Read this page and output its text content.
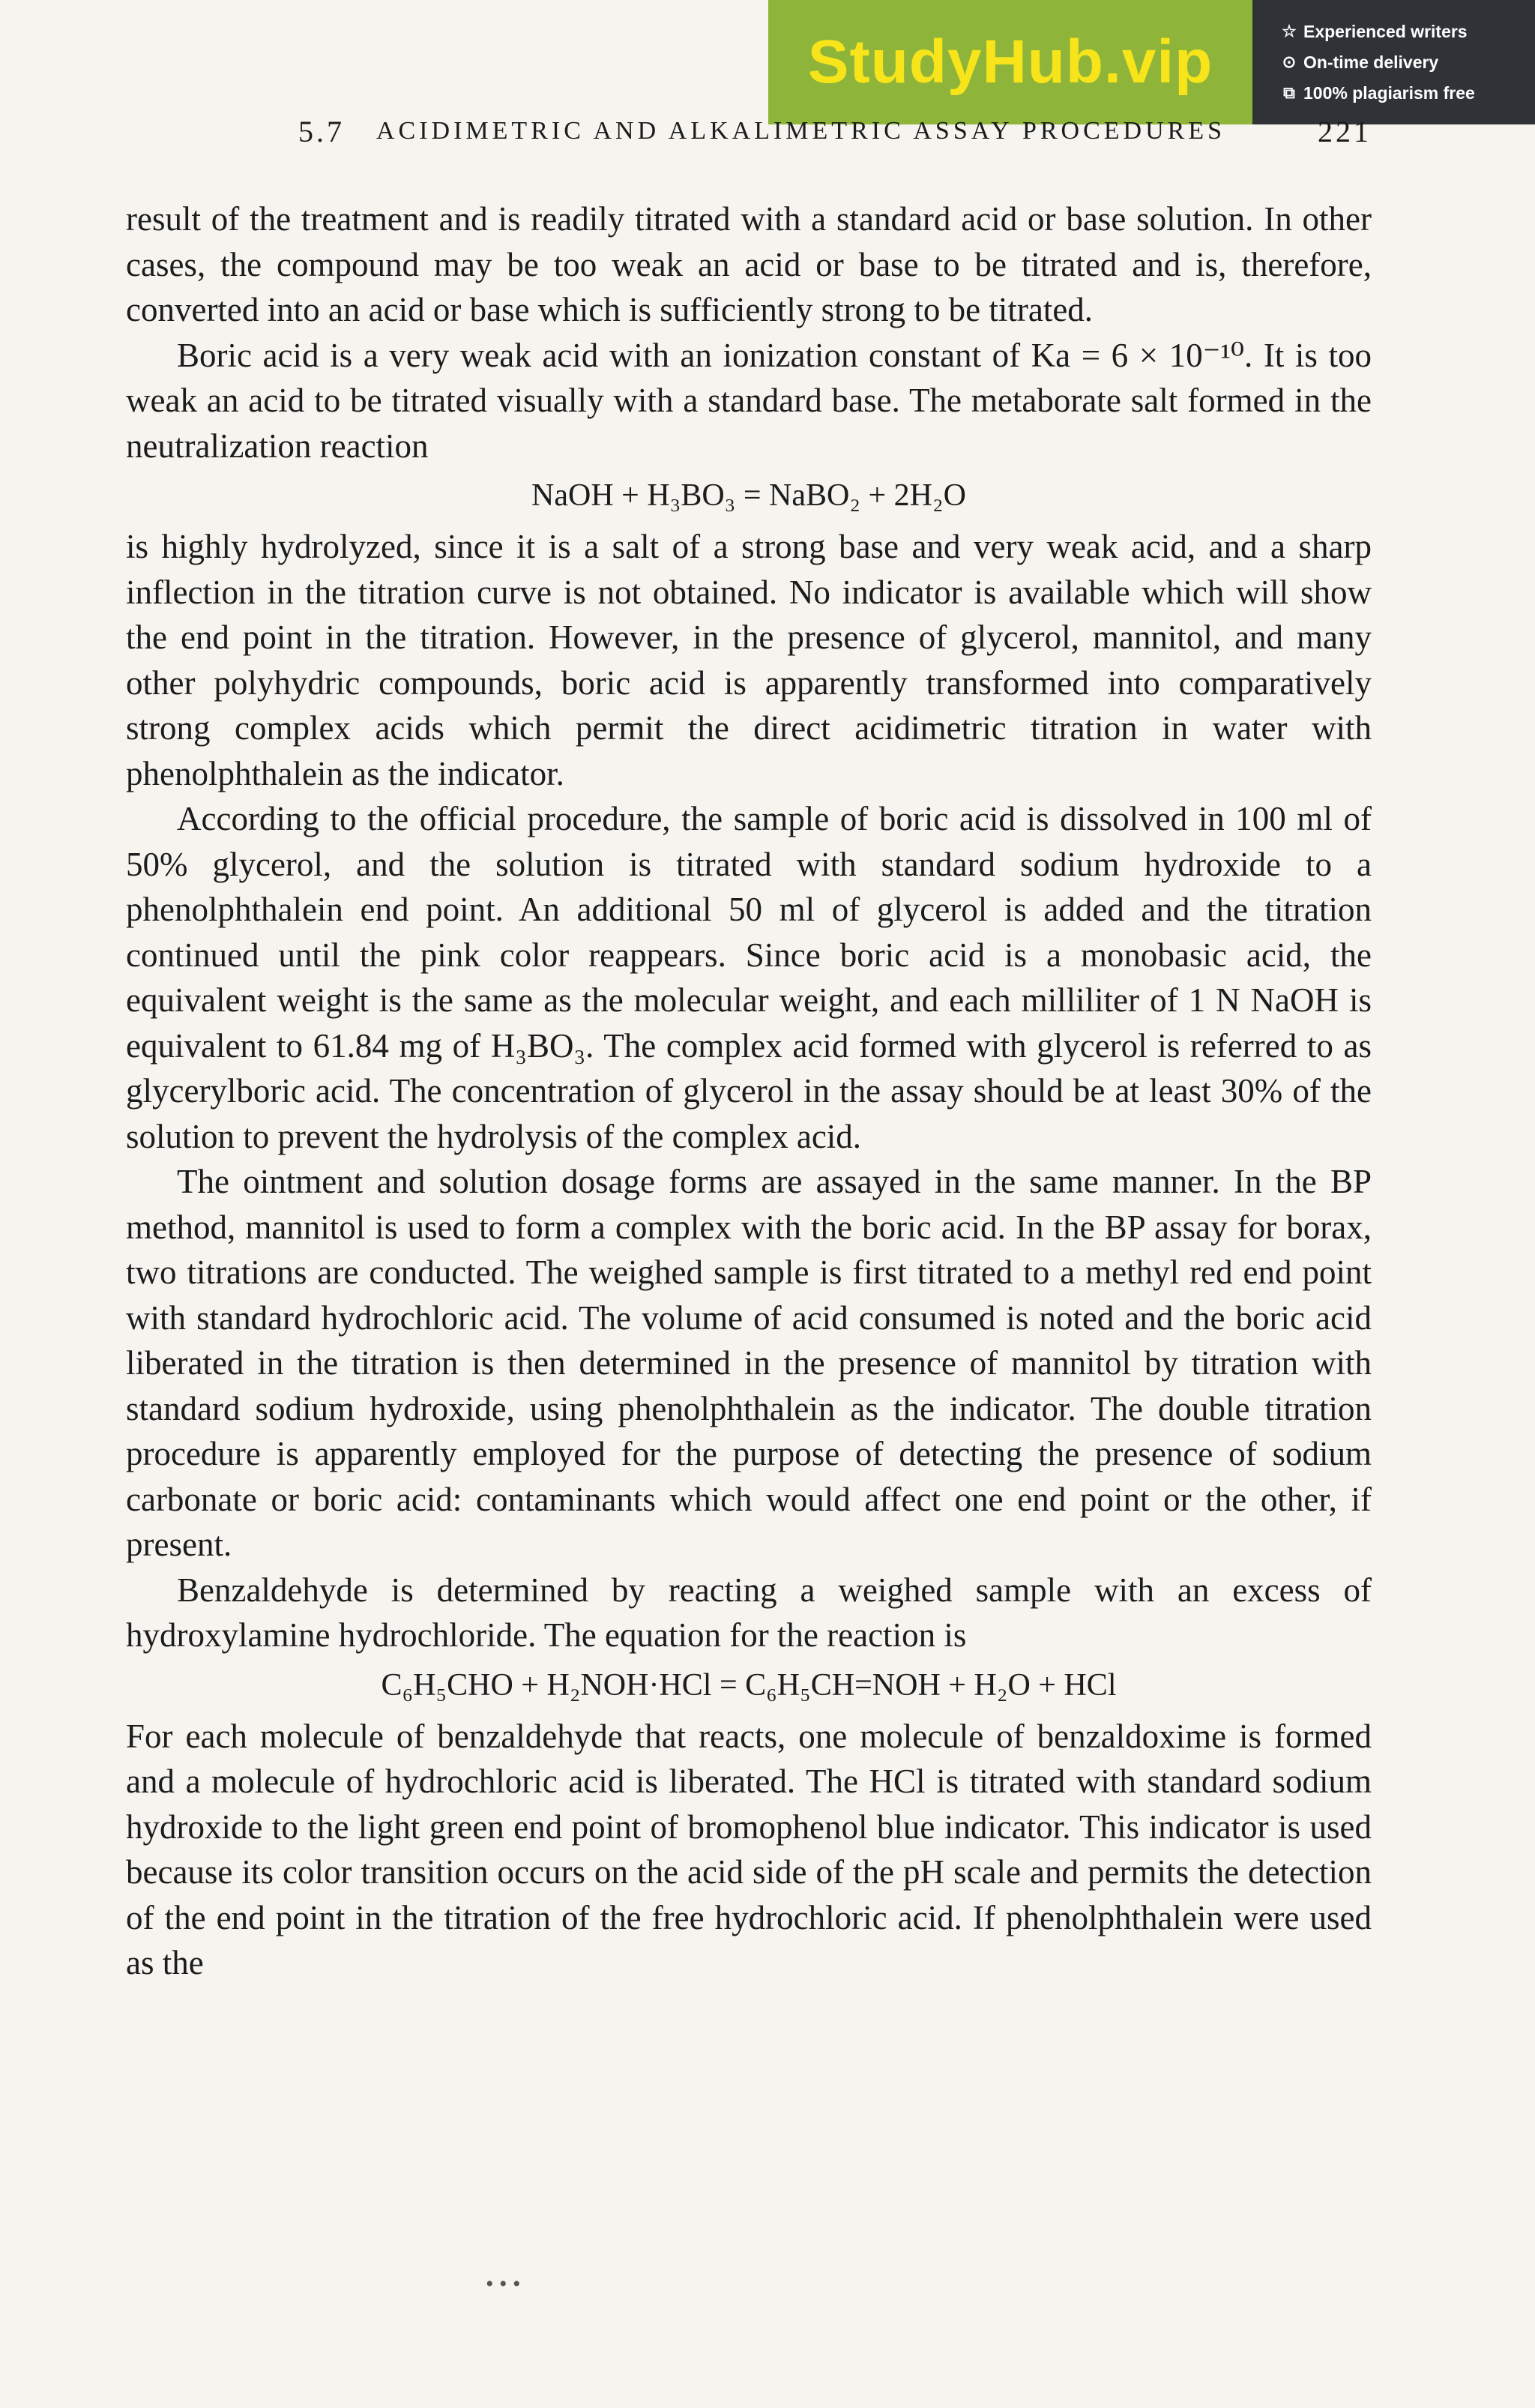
StudyHub.vip	☆ Experienced writers
⊙ On-time delivery
⧉ 100% plagiarism free
5.7 ACIDIMETRIC AND ALKALIMETRIC ASSAY PROCEDURES	221

result of the treatment and is readily titrated with a standard acid or base solution. In other cases, the compound may be too weak an acid or base to be titrated and is, therefore, converted into an acid or base which is sufficiently strong to be titrated.

Boric acid is a very weak acid with an ionization constant of Ka = 6 × 10⁻¹⁰. It is too weak an acid to be titrated visually with a standard base. The metaborate salt formed in the neutralization reaction

NaOH + H₃BO₃ = NaBO₂ + 2H₂O

is highly hydrolyzed, since it is a salt of a strong base and very weak acid, and a sharp inflection in the titration curve is not obtained. No indicator is available which will show the end point in the titration. However, in the presence of glycerol, mannitol, and many other polyhydric compounds, boric acid is apparently transformed into comparatively strong complex acids which permit the direct acidimetric titration in water with phenolphthalein as the indicator.

According to the official procedure, the sample of boric acid is dissolved in 100 ml of 50% glycerol, and the solution is titrated with standard sodium hydroxide to a phenolphthalein end point. An additional 50 ml of glycerol is added and the titration continued until the pink color reappears. Since boric acid is a monobasic acid, the equivalent weight is the same as the molecular weight, and each milliliter of 1 N NaOH is equivalent to 61.84 mg of H₃BO₃. The complex acid formed with glycerol is referred to as glycerylboric acid. The concentration of glycerol in the assay should be at least 30% of the solution to prevent the hydrolysis of the complex acid.

The ointment and solution dosage forms are assayed in the same manner. In the BP method, mannitol is used to form a complex with the boric acid. In the BP assay for borax, two titrations are conducted. The weighed sample is first titrated to a methyl red end point with standard hydrochloric acid. The volume of acid consumed is noted and the boric acid liberated in the titration is then determined in the presence of mannitol by titration with standard sodium hydroxide, using phenolphthalein as the indicator. The double titration procedure is apparently employed for the purpose of detecting the presence of sodium carbonate or boric acid: contaminants which would affect one end point or the other, if present.

Benzaldehyde is determined by reacting a weighed sample with an excess of hydroxylamine hydrochloride. The equation for the reaction is

C₆H₅CHO + H₂NOH·HCl = C₆H₅CH=NOH + H₂O + HCl

For each molecule of benzaldehyde that reacts, one molecule of benzaldoxime is formed and a molecule of hydrochloric acid is liberated. The HCl is titrated with standard sodium hydroxide to the light green end point of bromophenol blue indicator. This indicator is used because its color transition occurs on the acid side of the pH scale and permits the detection of the end point in the titration of the free hydrochloric acid. If phenolphthalein were used as the

• • •
